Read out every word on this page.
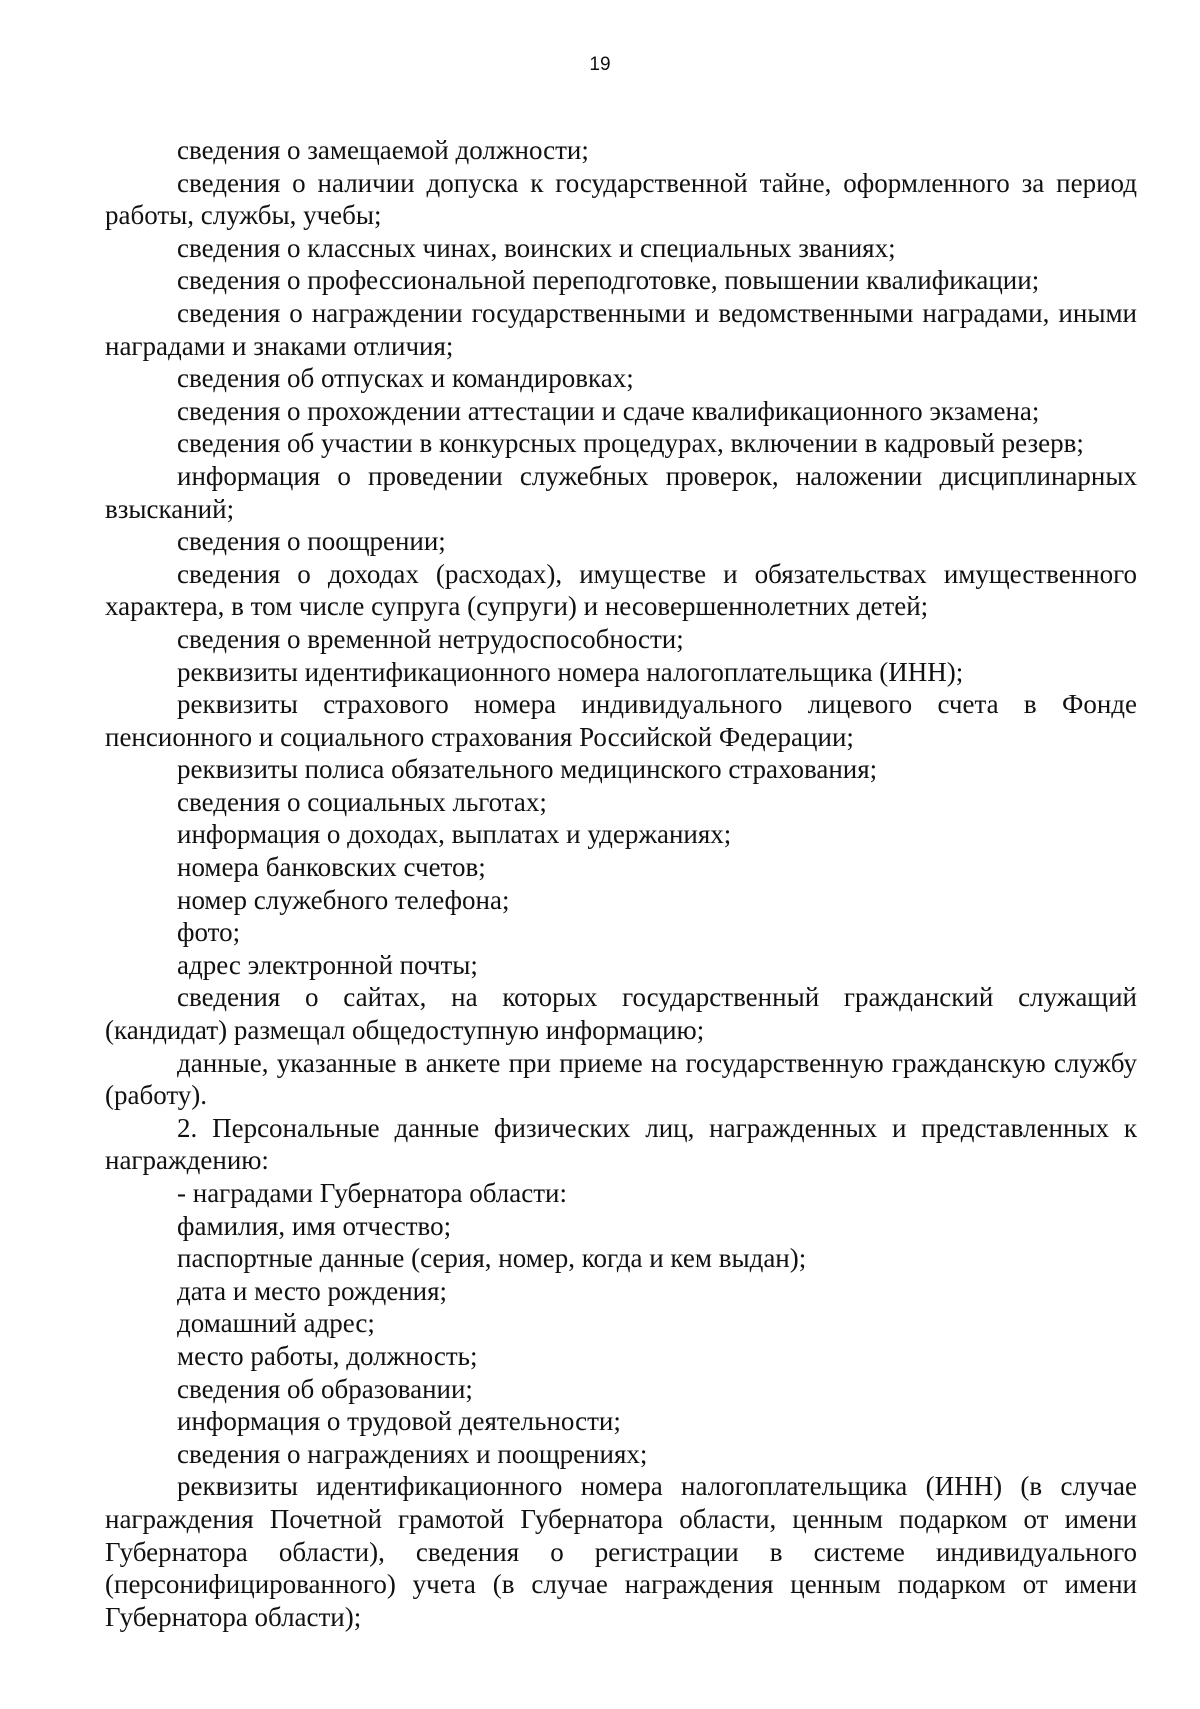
19

сведения о замещаемой должности;

сведения о наличии допуска к государственной тайне, оформленного за период работы, службы, учебы;

сведения о классных чинах, воинских и специальных званиях;

сведения о профессиональной переподготовке, повышении квалификации;

сведения о награждении государственными и ведомственными наградами, иными наградами и знаками отличия;

сведения об отпусках и командировках;

сведения о прохождении аттестации и сдаче квалификационного экзамена;

сведения об участии в конкурсных процедурах, включении в кадровый резерв;

информация о проведении служебных проверок, наложении дисциплинарных взысканий;

сведения о поощрении;

сведения о доходах (расходах), имуществе и обязательствах имущественного характера, в том числе супруга (супруги) и несовершеннолетних детей;

сведения о временной нетрудоспособности;

реквизиты идентификационного номера налогоплательщика (ИНН);

реквизиты страхового номера индивидуального лицевого счета в Фонде пенсионного и социального страхования Российской Федерации;

реквизиты полиса обязательного медицинского страхования;

сведения о социальных льготах;

информация о доходах, выплатах и удержаниях;

номера банковских счетов;

номер служебного телефона;

фото;

адрес электронной почты;

сведения о сайтах, на которых государственный гражданский служащий (кандидат) размещал общедоступную информацию;

данные, указанные в анкете при приеме на государственную гражданскую службу (работу).

2. Персональные данные физических лиц, награжденных и представленных к награждению:

- наградами Губернатора области:

фамилия, имя отчество;

паспортные данные (серия, номер, когда и кем выдан);

дата и место рождения;

домашний адрес;

место работы, должность;

сведения об образовании;

информация о трудовой деятельности;

сведения о награждениях и поощрениях;

реквизиты идентификационного номера налогоплательщика (ИНН) (в случае награждения Почетной грамотой Губернатора области, ценным подарком от имени Губернатора области), сведения о регистрации в системе индивидуального (персонифицированного) учета (в случае награждения ценным подарком от имени Губернатора области);
